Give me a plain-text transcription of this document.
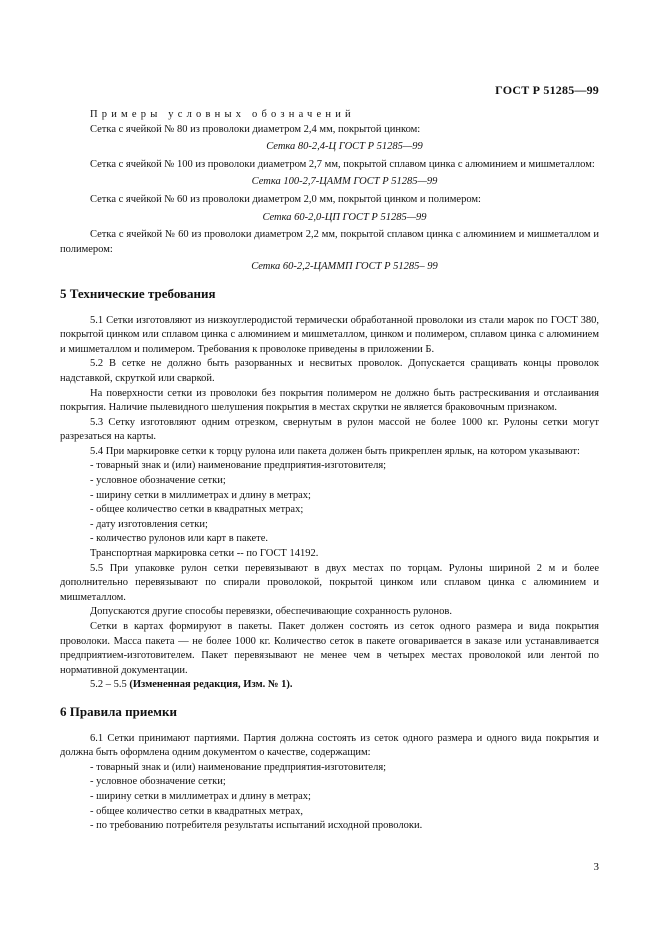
ГОСТ Р 51285—99

Примеры условных обозначений

Сетка с ячейкой № 80 из проволоки диаметром 2,4 мм, покрытой цинком:

Сетка 80-2,4-Ц ГОСТ Р 51285—99

Сетка с ячейкой № 100 из проволоки диаметром 2,7 мм, покрытой сплавом цинка с алюминием и мишметаллом:

Сетка 100-2,7-ЦАММ ГОСТ Р 51285—99

Сетка с ячейкой № 60 из проволоки диаметром 2,0 мм, покрытой цинком и полимером:

Сетка 60-2,0-ЦП ГОСТ Р 51285—99

Сетка с ячейкой № 60 из проволоки диаметром 2,2 мм, покрытой сплавом цинка с алюминием и мишметаллом и полимером:

Сетка 60-2,2-ЦАММП ГОСТ Р 51285– 99

5 Технические требования

5.1 Сетки изготовляют из низкоуглеродистой термически обработанной проволоки из стали марок по ГОСТ 380, покрытой цинком или сплавом цинка с алюминием и мишметаллом, цинком и полимером, сплавом цинка с алюминием и мишметаллом и полимером. Требования к проволоке приведены в приложении Б.

5.2 В сетке не должно быть разорванных и несвитых проволок. Допускается сращивать концы проволок надставкой, скруткой или сваркой.

На поверхности сетки из проволоки без покрытия полимером не должно быть растрескивания и отслаивания покрытия. Наличие пылевидного шелушения покрытия в местах скрутки не является браковочным признаком.

5.3 Сетку изготовляют одним отрезком, свернутым в рулон массой не более 1000 кг. Рулоны сетки могут разрезаться на карты.

5.4 При маркировке сетки к торцу рулона или пакета должен быть прикреплен ярлык, на котором указывают:

- товарный знак и (или) наименование предприятия-изготовителя;

- условное обозначение сетки;

- ширину сетки в миллиметрах и длину в метрах;

- общее количество сетки в квадратных метрах;

- дату изготовления сетки;

- количество рулонов или карт в пакете.

Транспортная маркировка сетки -- по ГОСТ 14192.

5.5 При упаковке рулон сетки перевязывают в двух местах по торцам. Рулоны шириной 2 м и более дополнительно перевязывают по спирали проволокой, покрытой цинком или сплавом цинка с алюминием и мишметаллом.

Допускаются другие способы перевязки, обеспечивающие сохранность рулонов.

Сетки в картах формируют в пакеты. Пакет должен состоять из сеток одного размера и вида покрытия проволоки. Масса пакета — не более 1000 кг. Количество сеток в пакете оговаривается в заказе или устанавливается предприятием-изготовителем. Пакет перевязывают не менее чем в четырех местах проволокой или лентой по нормативной документации.

5.2 – 5.5 (Измененная редакция, Изм. № 1).

6 Правила приемки

6.1 Сетки принимают партиями. Партия должна состоять из сеток одного размера и одного вида покрытия и должна быть оформлена одним документом о качестве, содержащим:

- товарный знак и (или) наименование предприятия-изготовителя;

- условное обозначение сетки;

- ширину сетки в миллиметрах и длину в метрах;

- общее количество сетки в квадратных метрах,

- по требованию потребителя результаты испытаний исходной проволоки.

3
